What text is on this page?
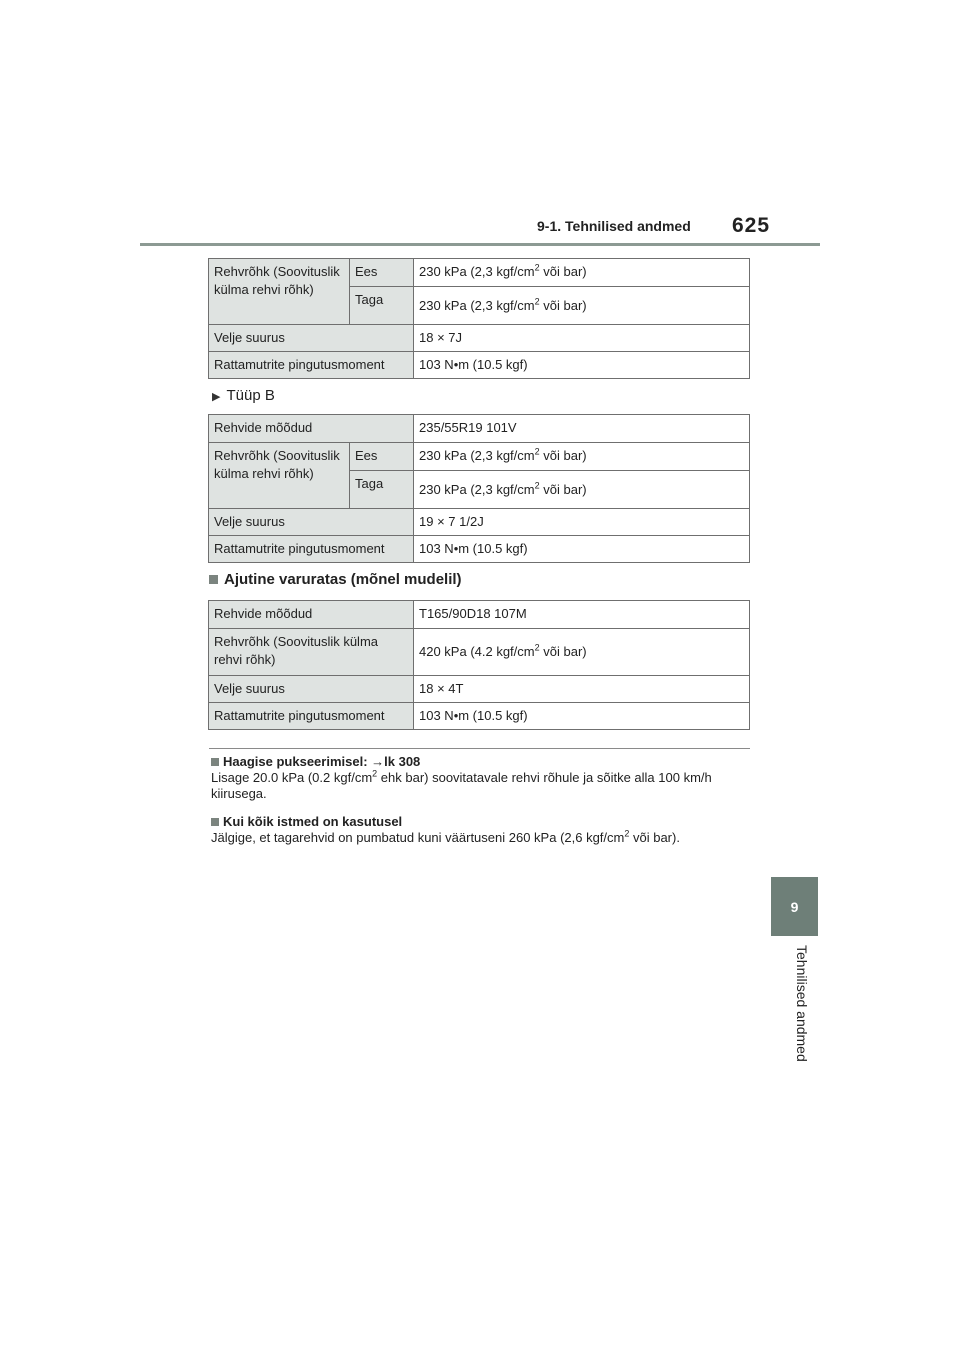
9-1. Tehnilised andmed 625
9
Tehnilised andmed
Rehvrõhk (Soovituslik külma rehvi rõhk)	Ees	230 kPa (2,3 kgf/$cm^2$ või bar)
	Taga	230 kPa (2,3 kgf/$cm^2$ või bar)
Velje suurus		18 × 7J
Rattamutrite pingutusmoment		103 N•m (10.5 kgf)
▶ Tüüp B
Rehvide mõõdud		235/55R19 101V
Rehvrõhk (Soovituslik külma rehvi rõhk)	Ees	230 kPa (2,3 kgf/$cm^2$ või bar)
	Taga	230 kPa (2,3 kgf/$cm^2$ või bar)
Velje suurus		19 × 7 1/2J
Rattamutrite pingutusmoment		103 N•m (10.5 kgf)
Ajutine varuratas (mõnel mudelil)
Rehvide mõõdud	T165/90D18 107M
Rehvrõhk (Soovituslik külma rehvi rõhk)	420 kPa (4.2 kgf/$cm^2$ või bar)
Velje suurus	18 × 4T
Rattamutrite pingutusmoment	103 N•m (10.5 kgf)
Haagise pukseerimisel: →lk 308
Lisage 20.0 kPa (0.2 kgf/$cm^2$ ehk bar) soovitatavale rehvi rõhule ja sõitke alla 100 km/h kiirusega.
Kui kõik istmed on kasutusel
Jälgige, et tagarehvid on pumbatud kuni väärtuseni 260 kPa (2,6 kgf/$cm^2$ või bar).
